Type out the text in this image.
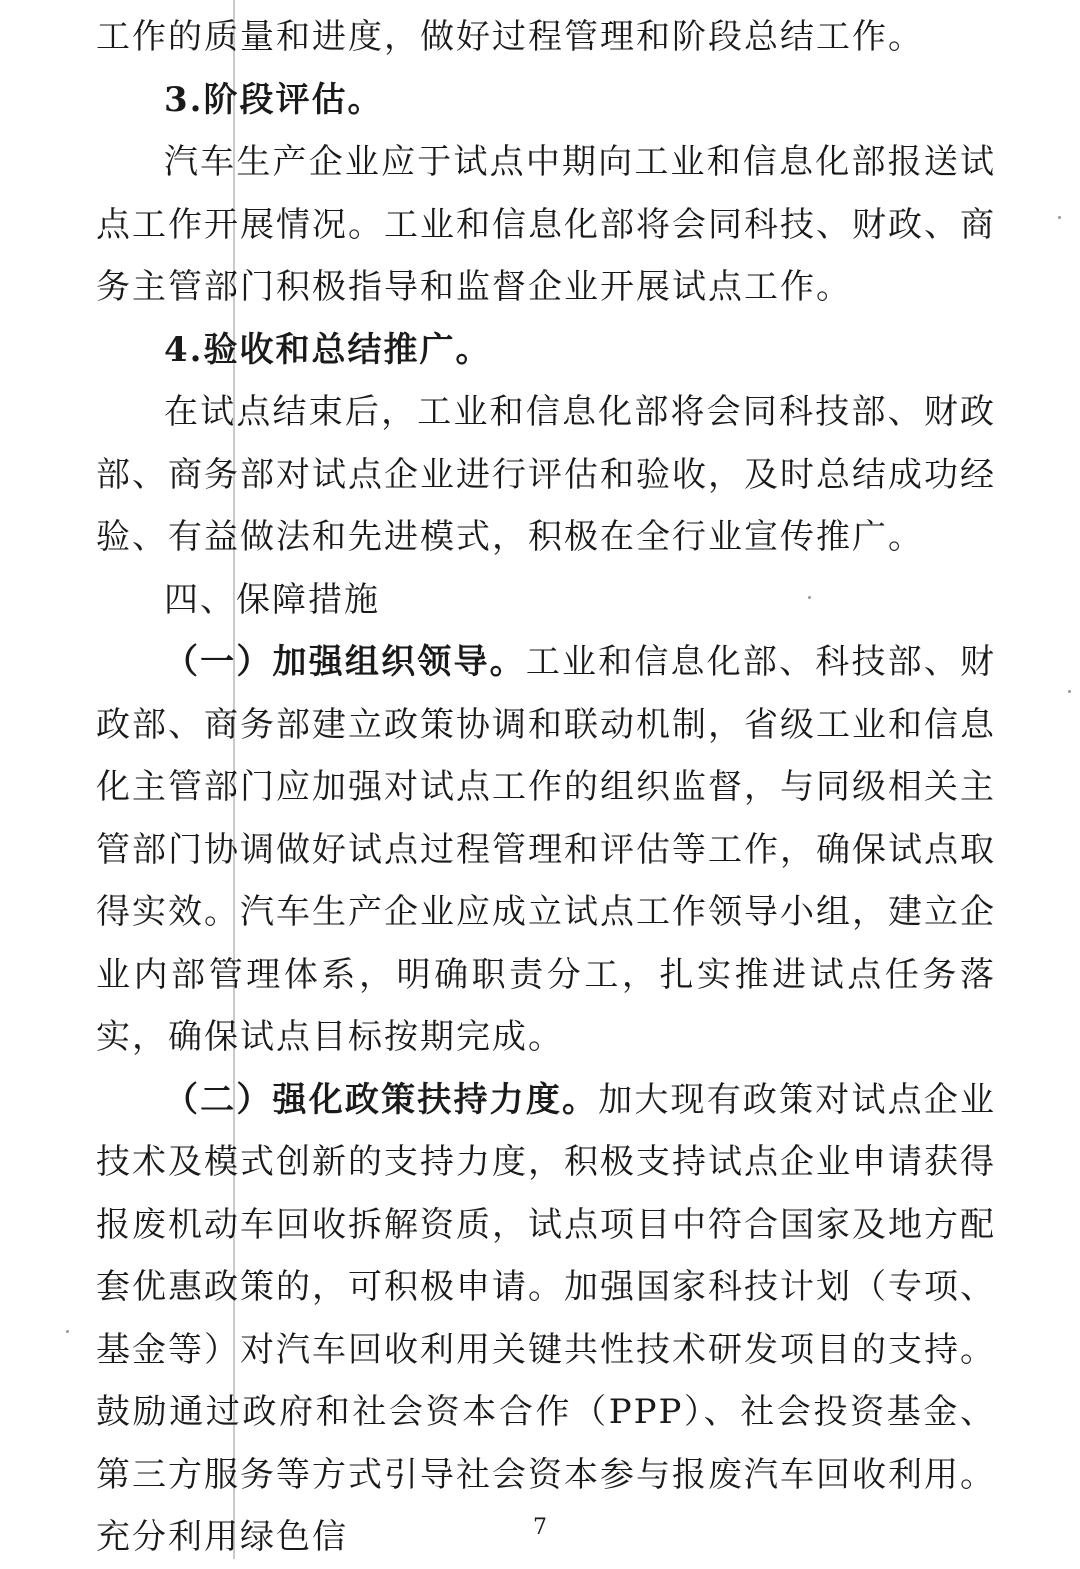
工作的质量和进度，做好过程管理和阶段总结工作。

3.阶段评估。

汽车生产企业应于试点中期向工业和信息化部报送试点工作开展情况。工业和信息化部将会同科技、财政、商务主管部门积极指导和监督企业开展试点工作。

4.验收和总结推广。

在试点结束后，工业和信息化部将会同科技部、财政部、商务部对试点企业进行评估和验收，及时总结成功经验、有益做法和先进模式，积极在全行业宣传推广。

四、保障措施

（一）加强组织领导。工业和信息化部、科技部、财政部、商务部建立政策协调和联动机制，省级工业和信息化主管部门应加强对试点工作的组织监督，与同级相关主管部门协调做好试点过程管理和评估等工作，确保试点取得实效。汽车生产企业应成立试点工作领导小组，建立企业内部管理体系，明确职责分工，扎实推进试点任务落实，确保试点目标按期完成。

（二）强化政策扶持力度。加大现有政策对试点企业技术及模式创新的支持力度，积极支持试点企业申请获得报废机动车回收拆解资质，试点项目中符合国家及地方配套优惠政策的，可积极申请。加强国家科技计划（专项、基金等）对汽车回收利用关键共性技术研发项目的支持。鼓励通过政府和社会资本合作（PPP）、社会投资基金、第三方服务等方式引导社会资本参与报废汽车回收利用。充分利用绿色信	7
